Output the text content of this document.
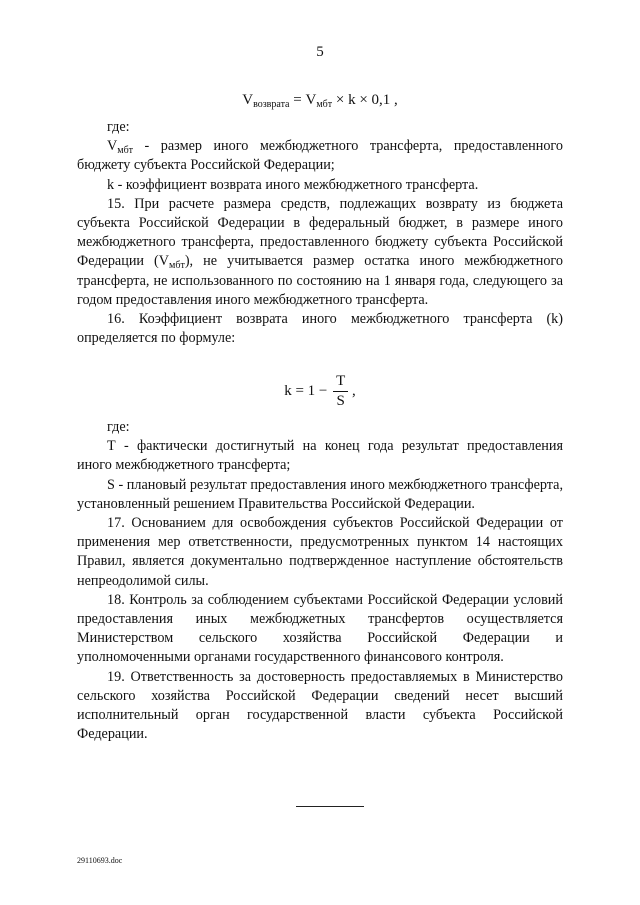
5
$V_{возврата} = V_{мбт} \times k \times 0,1$ ,

где:

$V_{мбт}$ - размер иного межбюджетного трансферта, предоставленного бюджету субъекта Российской Федерации;

k - коэффициент возврата иного межбюджетного трансферта.

15. При расчете размера средств, подлежащих возврату из бюджета субъекта Российской Федерации в федеральный бюджет, в размере иного межбюджетного трансферта, предоставленного бюджету субъекта Российской Федерации $(V_{мбт})$, не учитывается размер остатка иного межбюджетного трансферта, не использованного по состоянию на 1 января года, следующего за годом предоставления иного межбюджетного трансферта.

16. Коэффициент возврата иного межбюджетного трансферта (k) определяется по формуле:

$k = 1 - \frac{T}{S}$ ,

где:

Т - фактически достигнутый на конец года результат предоставления иного межбюджетного трансферта;

S - плановый результат предоставления иного межбюджетного трансферта, установленный решением Правительства Российской Федерации.

17. Основанием для освобождения субъектов Российской Федерации от применения мер ответственности, предусмотренных пунктом 14 настоящих Правил, является документально подтвержденное наступление обстоятельств непреодолимой силы.

18. Контроль за соблюдением субъектами Российской Федерации условий предоставления иных межбюджетных трансфертов осуществляется Министерством сельского хозяйства Российской Федерации и уполномоченными органами государственного финансового контроля.

19. Ответственность за достоверность предоставляемых в Министерство сельского хозяйства Российской Федерации сведений несет высший исполнительный орган государственной власти субъекта Российской Федерации.

29110693.doc
